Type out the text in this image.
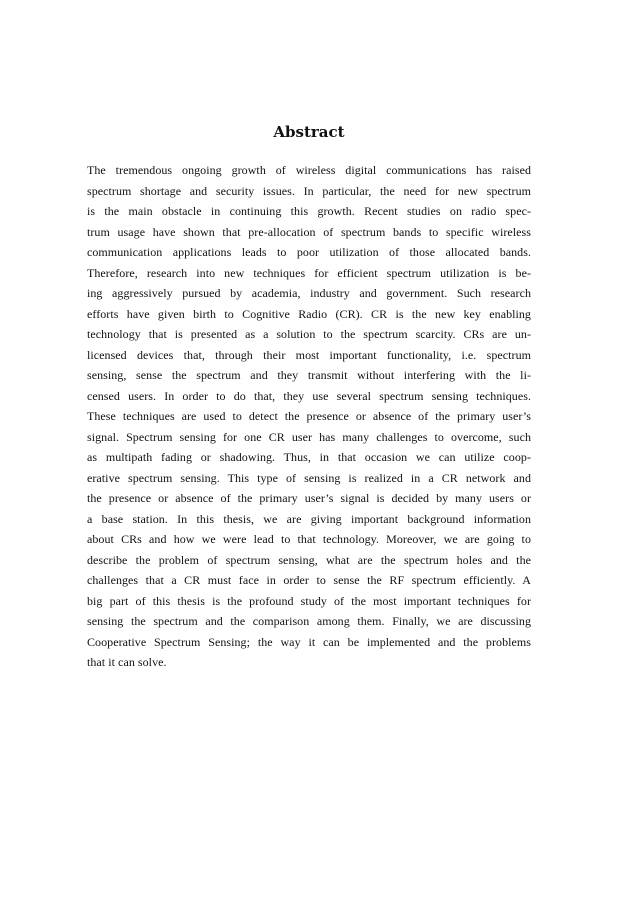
Abstract
The tremendous ongoing growth of wireless digital communications has raised
spectrum shortage and security issues. In particular, the need for new spectrum
is the main obstacle in continuing this growth. Recent studies on radio spec-
trum usage have shown that pre-allocation of spectrum bands to specific wireless
communication applications leads to poor utilization of those allocated bands.
Therefore, research into new techniques for efficient spectrum utilization is be-
ing aggressively pursued by academia, industry and government. Such research
efforts have given birth to Cognitive Radio (CR). CR is the new key enabling
technology that is presented as a solution to the spectrum scarcity. CRs are un-
licensed devices that, through their most important functionality, i.e. spectrum
sensing, sense the spectrum and they transmit without interfering with the li-
censed users. In order to do that, they use several spectrum sensing techniques.
These techniques are used to detect the presence or absence of the primary user’s
signal. Spectrum sensing for one CR user has many challenges to overcome, such
as multipath fading or shadowing. Thus, in that occasion we can utilize coop-
erative spectrum sensing. This type of sensing is realized in a CR network and
the presence or absence of the primary user’s signal is decided by many users or
a base station. In this thesis, we are giving important background information
about CRs and how we were lead to that technology. Moreover, we are going to
describe the problem of spectrum sensing, what are the spectrum holes and the
challenges that a CR must face in order to sense the RF spectrum efficiently. A
big part of this thesis is the profound study of the most important techniques for
sensing the spectrum and the comparison among them. Finally, we are discussing
Cooperative Spectrum Sensing; the way it can be implemented and the problems
that it can solve.
